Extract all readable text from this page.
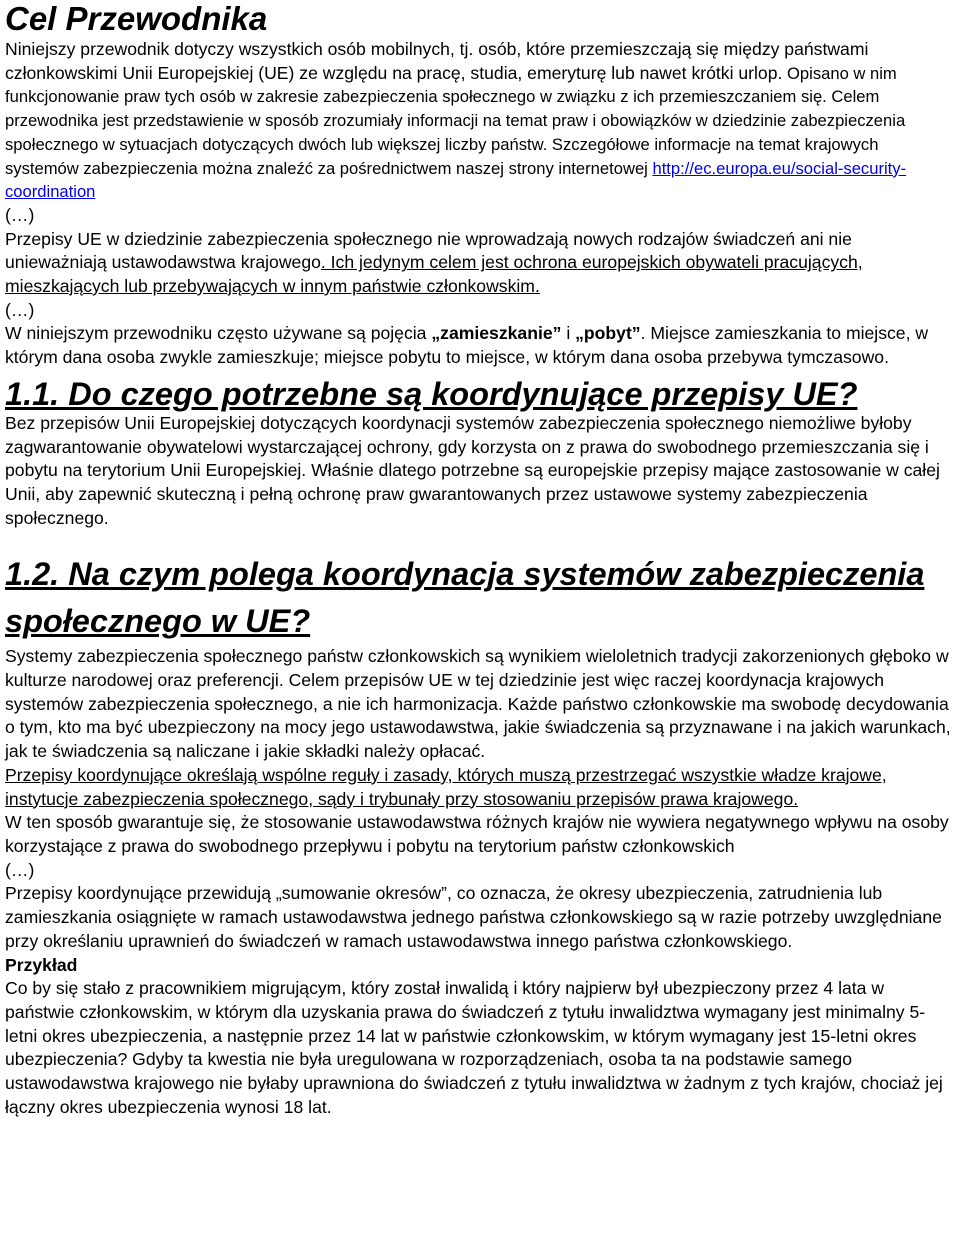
Cel Przewodnika

Niniejszy przewodnik dotyczy wszystkich osób mobilnych, tj. osób, które przemieszczają się między państwami członkowskimi Unii Europejskiej (UE) ze względu na pracę, studia, emeryturę lub nawet krótki urlop. Opisano w nim funkcjonowanie praw tych osób w zakresie zabezpieczenia społecznego w związku z ich przemieszczaniem się. Celem przewodnika jest przedstawienie w sposób zrozumiały informacji na temat praw i obowiązków w dziedzinie zabezpieczenia społecznego w sytuacjach dotyczących dwóch lub większej liczby państw. Szczegółowe informacje na temat krajowych systemów zabezpieczenia można znaleźć za pośrednictwem naszej strony internetowej http://ec.europa.eu/social-security-coordination

(…)

Przepisy UE w dziedzinie zabezpieczenia społecznego nie wprowadzają nowych rodzajów świadczeń ani nie unieważniają ustawodawstwa krajowego. Ich jedynym celem jest ochrona europejskich obywateli pracujących, mieszkających lub przebywających w innym państwie członkowskim.

(…)

W niniejszym przewodniku często używane są pojęcia „zamieszkanie” i „pobyt”. Miejsce zamieszkania to miejsce, w którym dana osoba zwykle zamieszkuje; miejsce pobytu to miejsce, w którym dana osoba przebywa tymczasowo.

1.1. Do czego potrzebne są koordynujące przepisy UE?

Bez przepisów Unii Europejskiej dotyczących koordynacji systemów zabezpieczenia społecznego niemożliwe byłoby zagwarantowanie obywatelowi wystarczającej ochrony, gdy korzysta on z prawa do swobodnego przemieszczania się i pobytu na terytorium Unii Europejskiej. Właśnie dlatego potrzebne są europejskie przepisy mające zastosowanie w całej Unii, aby zapewnić skuteczną i pełną ochronę praw gwarantowanych przez ustawowe systemy zabezpieczenia społecznego.

1.2. Na czym polega koordynacja systemów zabezpieczenia społecznego w UE?

Systemy zabezpieczenia społecznego państw członkowskich są wynikiem wieloletnich tradycji zakorzenionych głęboko w kulturze narodowej oraz preferencji. Celem przepisów UE w tej dziedzinie jest więc raczej koordynacja krajowych systemów zabezpieczenia społecznego, a nie ich harmonizacja. Każde państwo członkowskie ma swobodę decydowania o tym, kto ma być ubezpieczony na mocy jego ustawodawstwa, jakie świadczenia są przyznawane i na jakich warunkach, jak te świadczenia są naliczane i jakie składki należy opłacać.

Przepisy koordynujące określają wspólne reguły i zasady, których muszą przestrzegać wszystkie władze krajowe, instytucje zabezpieczenia społecznego, sądy i trybunały przy stosowaniu przepisów prawa krajowego.

W ten sposób gwarantuje się, że stosowanie ustawodawstwa różnych krajów nie wywiera negatywnego wpływu na osoby korzystające z prawa do swobodnego przepływu i pobytu na terytorium państw członkowskich

(…)

Przepisy koordynujące przewidują „sumowanie okresów”, co oznacza, że okresy ubezpieczenia, zatrudnienia lub zamieszkania osiągnięte w ramach ustawodawstwa jednego państwa członkowskiego są w razie potrzeby uwzględniane przy określaniu uprawnień do świadczeń w ramach ustawodawstwa innego państwa członkowskiego.

Przykład

Co by się stało z pracownikiem migrującym, który został inwalidą i który najpierw był ubezpieczony przez 4 lata w państwie członkowskim, w którym dla uzyskania prawa do świadczeń z tytułu inwalidztwa wymagany jest minimalny 5-letni okres ubezpieczenia, a następnie przez 14 lat w państwie członkowskim, w którym wymagany jest 15-letni okres ubezpieczenia? Gdyby ta kwestia nie była uregulowana w rozporządzeniach, osoba ta na podstawie samego ustawodawstwa krajowego nie byłaby uprawniona do świadczeń z tytułu inwalidztwa w żadnym z tych krajów, chociaż jej łączny okres ubezpieczenia wynosi 18 lat.
